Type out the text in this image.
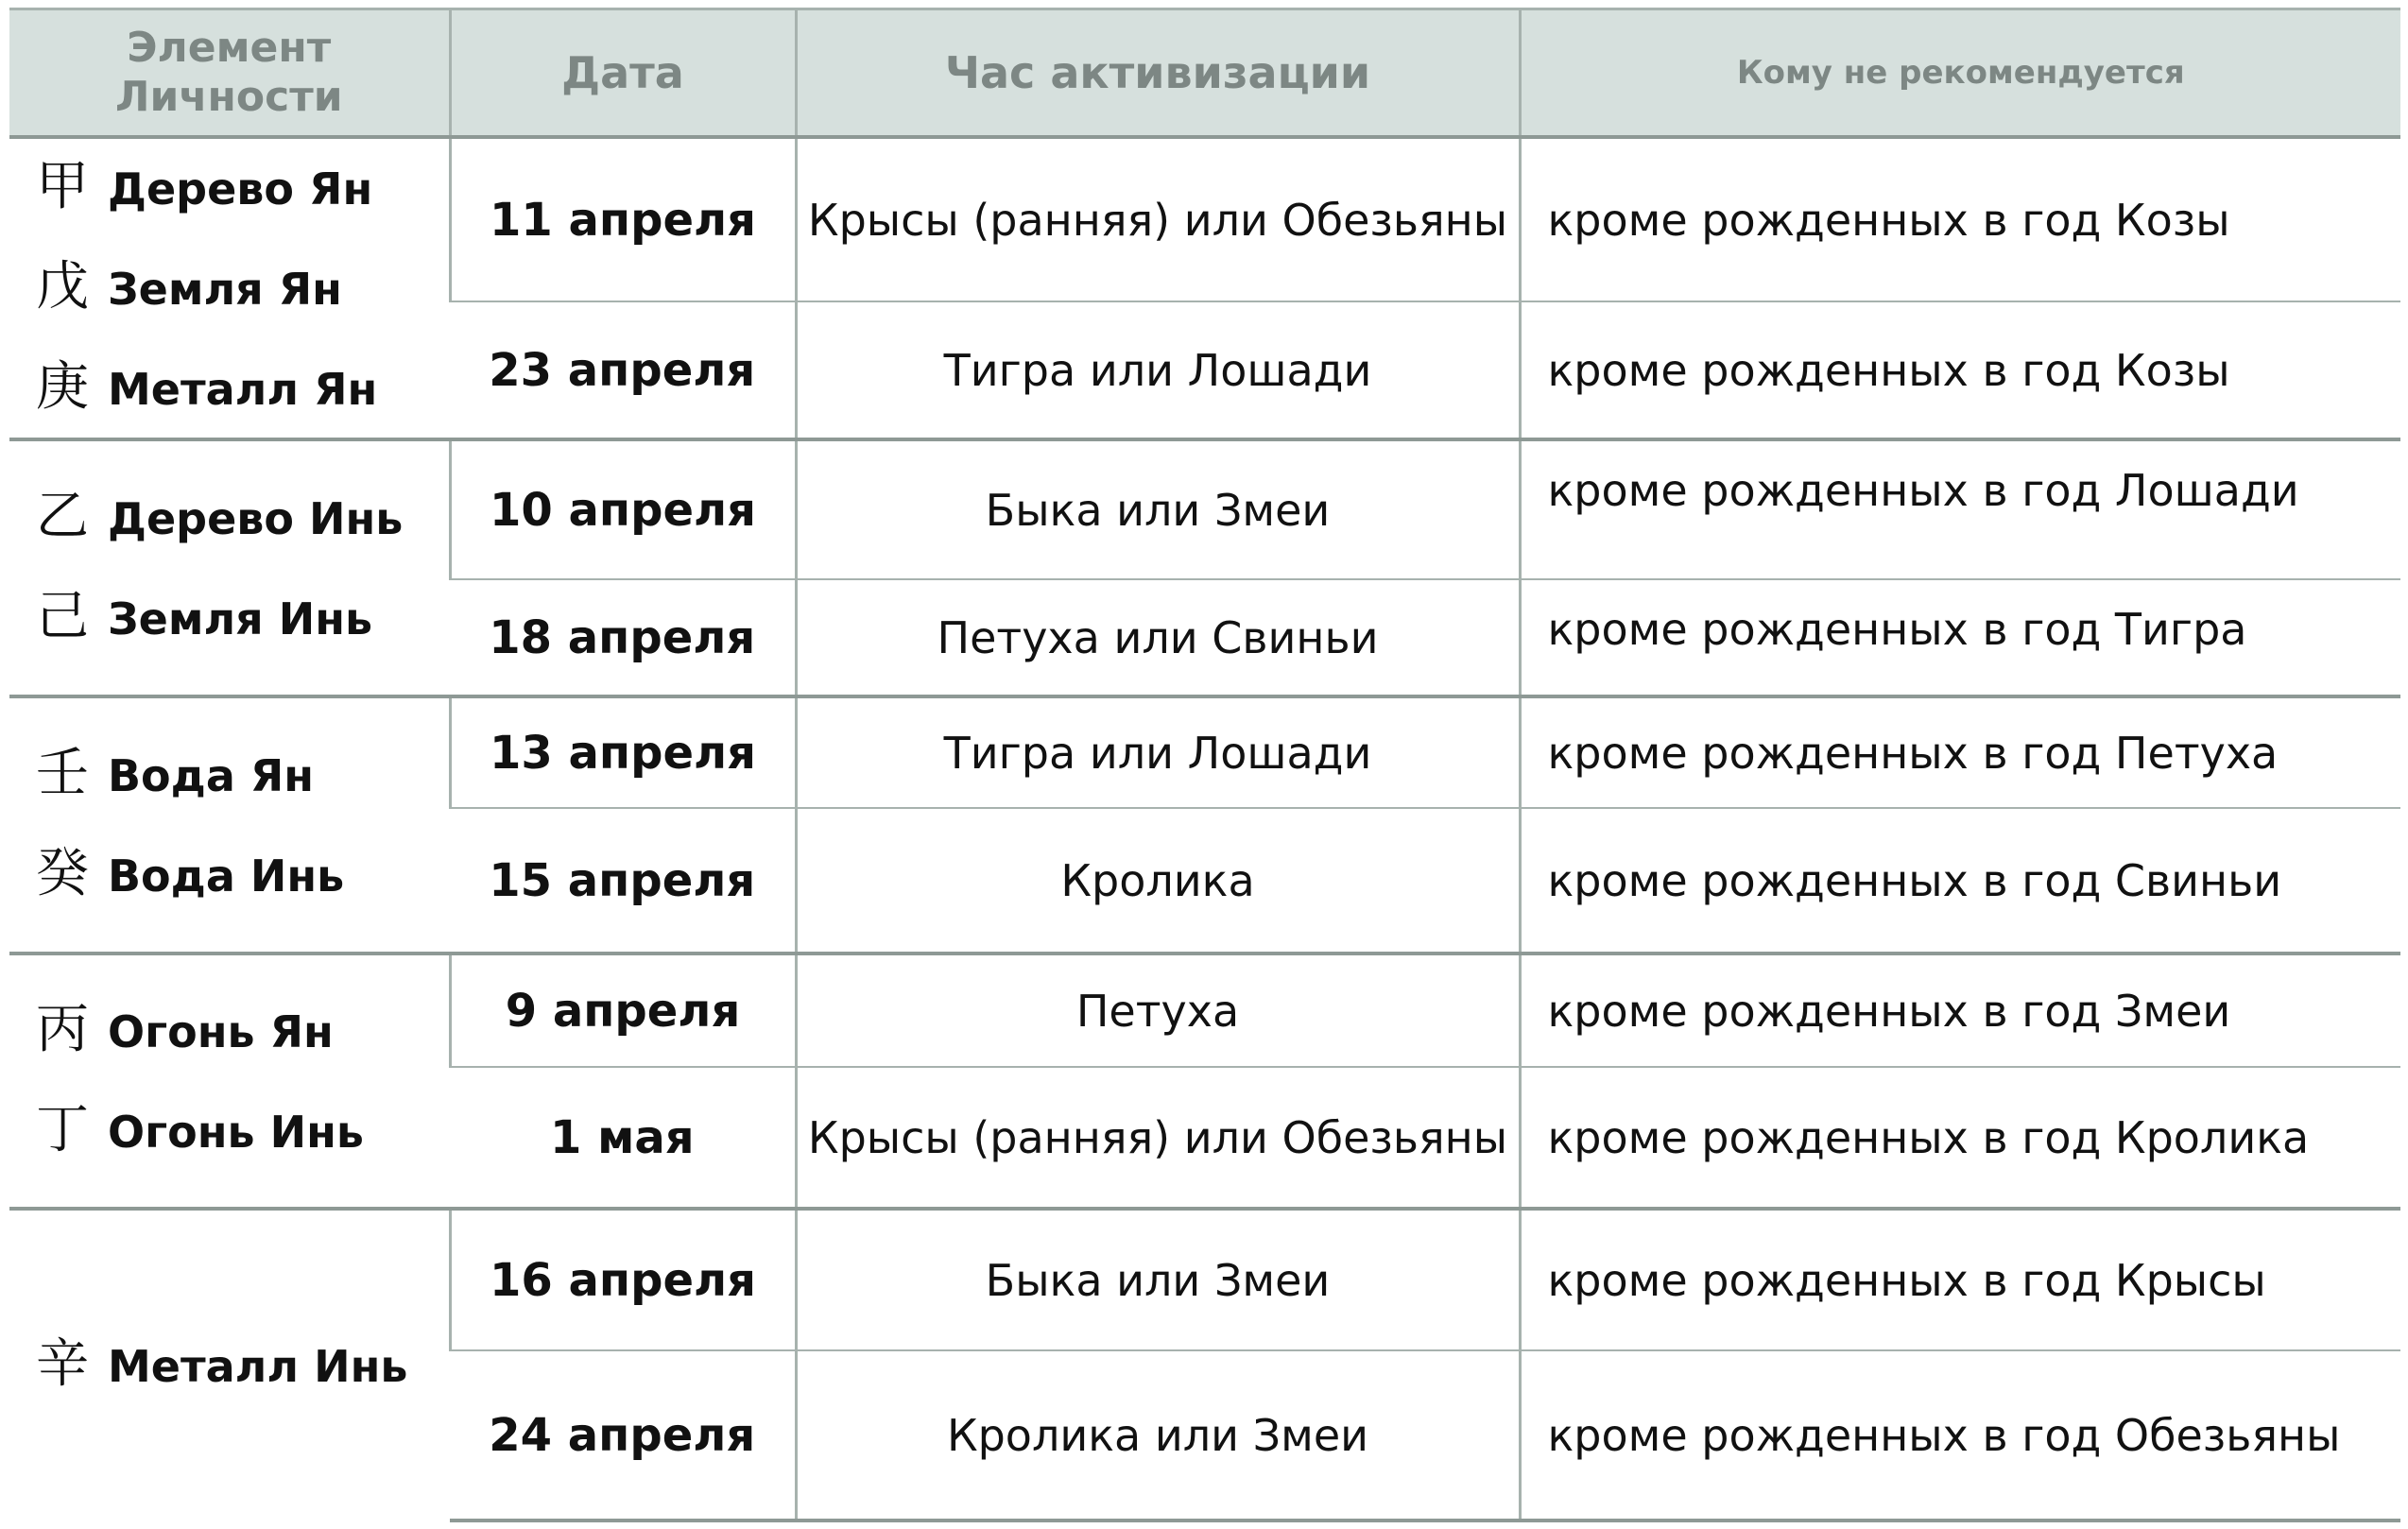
Элемент Личности	Дата	Час активизации	Кому не рекомендуется

甲 Дерево Ян
戊 Земля Ян
庚 Металл Ян	11 апреля	Крысы (ранняя) или Обезьяны	кроме рожденных в год Козы
	23 апреля	Тигра или Лошади	кроме рожденных в год Козы

乙 Дерево Инь
己 Земля Инь	10 апреля	Быка или Змеи	кроме рожденных в год Лошади
	18 апреля	Петуха или Свиньи	кроме рожденных в год Тигра

壬 Вода Ян
癸 Вода Инь	13 апреля	Тигра или Лошади	кроме рожденных в год Петуха
	15 апреля	Кролика	кроме рожденных в год Свиньи

丙 Огонь Ян
丁 Огонь Инь	9 апреля	Петуха	кроме рожденных в год Змеи
	1 мая	Крысы (ранняя) или Обезьяны	кроме рожденных в год Кролика

辛 Металл Инь	16 апреля	Быка или Змеи	кроме рожденных в год Крысы
	24 апреля	Кролика или Змеи	кроме рожденных в год Обезьяны
